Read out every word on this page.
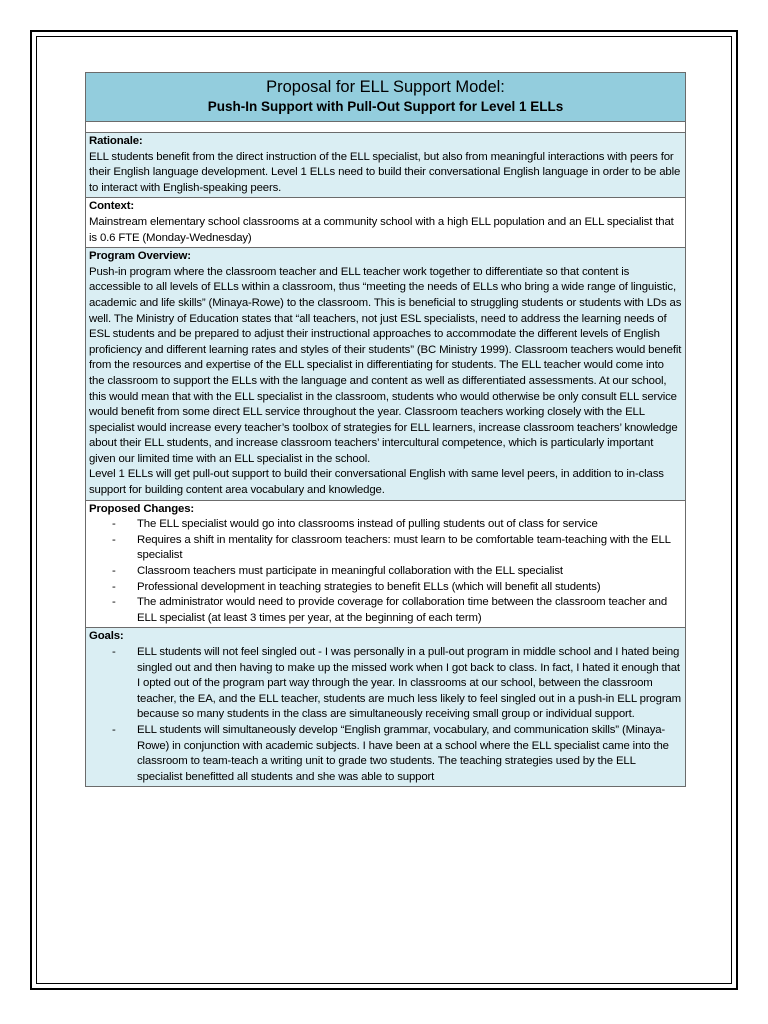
Proposal for ELL Support Model:
Push-In Support with Pull-Out Support for Level 1 ELLs

Rationale:
ELL students benefit from the direct instruction of the ELL specialist, but also from meaningful interactions with peers for their English language development. Level 1 ELLs need to build their conversational English language in order to be able to interact with English-speaking peers.

Context:
Mainstream elementary school classrooms at a community school with a high ELL population and an ELL specialist that is 0.6 FTE (Monday-Wednesday)

Program Overview:
Push-in program where the classroom teacher and ELL teacher work together to differentiate so that content is accessible to all levels of ELLs within a classroom, thus “meeting the needs of ELLs who bring a wide range of linguistic, academic and life skills” (Minaya-Rowe) to the classroom. This is beneficial to struggling students or students with LDs as well. The Ministry of Education states that “all teachers, not just ESL specialists, need to address the learning needs of ESL students and be prepared to adjust their instructional approaches to accommodate the different levels of English proficiency and different learning rates and styles of their students” (BC Ministry 1999). Classroom teachers would benefit from the resources and expertise of the ELL specialist in differentiating for students. The ELL teacher would come into the classroom to support the ELLs with the language and content as well as differentiated assessments. At our school, this would mean that with the ELL specialist in the classroom, students who would otherwise be only consult ELL service would benefit from some direct ELL service throughout the year. Classroom teachers working closely with the ELL specialist would increase every teacher’s toolbox of strategies for ELL learners, increase classroom teachers’ knowledge about their ELL students, and increase classroom teachers’ intercultural competence, which is particularly important given our limited time with an ELL specialist in the school.
Level 1 ELLs will get pull-out support to build their conversational English with same level peers, in addition to in-class support for building content area vocabulary and knowledge.

Proposed Changes:
- The ELL specialist would go into classrooms instead of pulling students out of class for service
- Requires a shift in mentality for classroom teachers: must learn to be comfortable team-teaching with the ELL specialist
- Classroom teachers must participate in meaningful collaboration with the ELL specialist
- Professional development in teaching strategies to benefit ELLs (which will benefit all students)
- The administrator would need to provide coverage for collaboration time between the classroom teacher and ELL specialist (at least 3 times per year, at the beginning of each term)

Goals:
- ELL students will not feel singled out - I was personally in a pull-out program in middle school and I hated being singled out and then having to make up the missed work when I got back to class. In fact, I hated it enough that I opted out of the program part way through the year. In classrooms at our school, between the classroom teacher, the EA, and the ELL teacher, students are much less likely to feel singled out in a push-in ELL program because so many students in the class are simultaneously receiving small group or individual support.
- ELL students will simultaneously develop “English grammar, vocabulary, and communication skills” (Minaya-Rowe) in conjunction with academic subjects. I have been at a school where the ELL specialist came into the classroom to team-teach a writing unit to grade two students. The teaching strategies used by the ELL specialist benefitted all students and she was able to support
